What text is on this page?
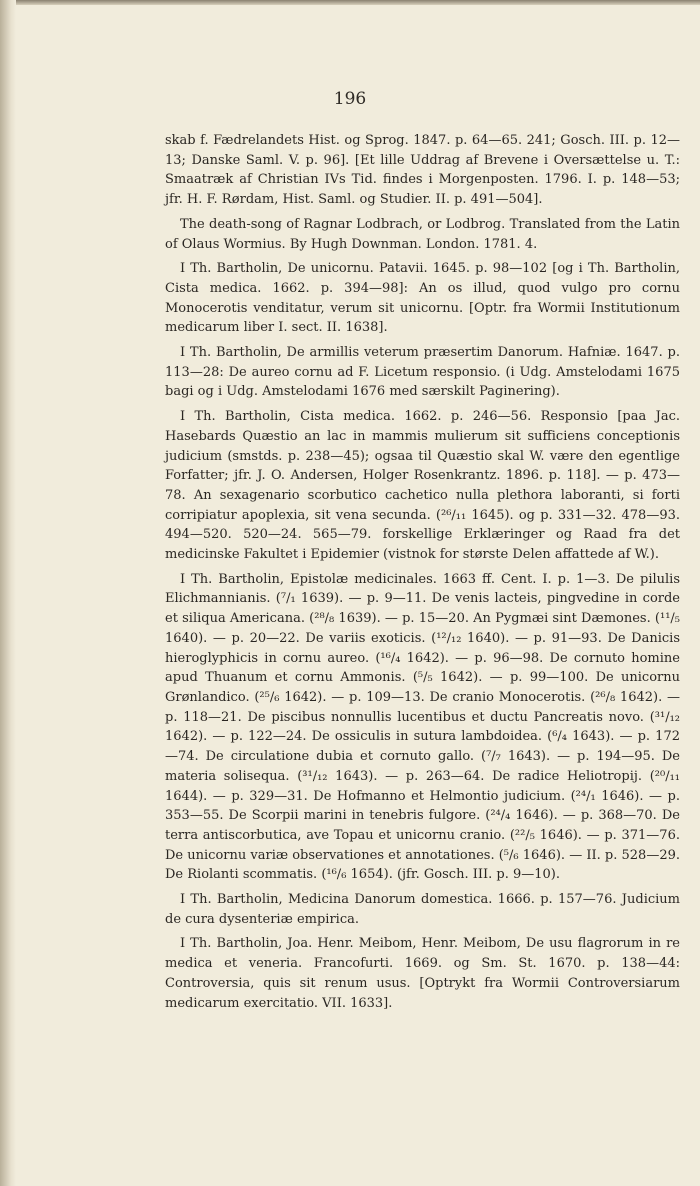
196

skab f. Fædrelandets Hist. og Sprog. 1847. p. 64—65. 241; Gosch. III. p. 12—13; Danske Saml. V. p. 96]. [Et lille Uddrag af Brevene i Oversættelse u. T.: Smaatræk af Christian IVs Tid. findes i Morgenposten. 1796. I. p. 148—53; jfr. H. F. Rørdam, Hist. Saml. og Studier. II. p. 491—504].

The death-song of Ragnar Lodbrach, or Lodbrog. Translated from the Latin of Olaus Wormius. By Hugh Downman. London. 1781. 4.

I Th. Bartholin, De unicornu. Patavii. 1645. p. 98—102 [og i Th. Bartholin, Cista medica. 1662. p. 394—98]: An os illud, quod vulgo pro cornu Monocerotis venditatur, verum sit unicornu. [Optr. fra Wormii Institutionum medicarum liber I. sect. II. 1638].

I Th. Bartholin, De armillis veterum præsertim Danorum. Hafniæ. 1647. p. 113—28: De aureo cornu ad F. Licetum responsio. (i Udg. Amstelodami 1675 bagi og i Udg. Amstelodami 1676 med særskilt Paginering).

I Th. Bartholin, Cista medica. 1662. p. 246—56. Responsio [paa Jac. Hasebards Quæstio an lac in mammis mulierum sit sufficiens conceptionis judicium (smstds. p. 238—45); ogsaa til Quæstio skal W. være den egentlige Forfatter; jfr. J. O. Andersen, Holger Rosenkrantz. 1896. p. 118]. — p. 473—78. An sexagenario scorbutico cachetico nulla plethora laboranti, si forti corripiatur apoplexia, sit vena secunda. (²⁶/₁₁ 1645). og p. 331—32. 478—93. 494—520. 520—24. 565—79. forskellige Erklæringer og Raad fra det medicinske Fakultet i Epidemier (vistnok for største Delen affattede af W.).

I Th. Bartholin, Epistolæ medicinales. 1663 ff. Cent. I. p. 1—3. De pilulis Elichmannianis. (⁷/₁ 1639). — p. 9—11. De venis lacteis, pingvedine in corde et siliqua Americana. (²⁸/₈ 1639). — p. 15—20. An Pygmæi sint Dæmones. (¹¹/₅ 1640). — p. 20—22. De variis exoticis. (¹²/₁₂ 1640). — p. 91—93. De Danicis hieroglyphicis in cornu aureo. (¹⁶/₄ 1642). — p. 96—98. De cornuto homine apud Thuanum et cornu Ammonis. (⁵/₅ 1642). — p. 99—100. De unicornu Grønlandico. (²⁵/₆ 1642). — p. 109—13. De cranio Monocerotis. (²⁶/₈ 1642). — p. 118—21. De piscibus nonnullis lucentibus et ductu Pancreatis novo. (³¹/₁₂ 1642). — p. 122—24. De ossiculis in sutura lambdoidea. (⁶/₄ 1643). — p. 172—74. De circulatione dubia et cornuto gallo. (⁷/₇ 1643). — p. 194—95. De materia solisequa. (³¹/₁₂ 1643). — p. 263—64. De radice Heliotropij. (²⁰/₁₁ 1644). — p. 329—31. De Hofmanno et Helmontio judicium. (²⁴/₁ 1646). — p. 353—55. De Scorpii marini in tenebris fulgore. (²⁴/₄ 1646). — p. 368—70. De terra antiscorbutica, ave Topau et unicornu cranio. (²²/₅ 1646). — p. 371—76. De unicornu variæ observationes et annotationes. (⁵/₆ 1646). — II. p. 528—29. De Riolanti scommatis. (¹⁶/₆ 1654). (jfr. Gosch. III. p. 9—10).

I Th. Bartholin, Medicina Danorum domestica. 1666. p. 157—76. Judicium de cura dysenteriæ empirica.

I Th. Bartholin, Joa. Henr. Meibom, Henr. Meibom, De usu flagrorum in re medica et veneria. Francofurti. 1669. og Sm. St. 1670. p. 138—44: Controversia, quis sit renum usus. [Optrykt fra Wormii Controversiarum medicarum exercitatio. VII. 1633].
